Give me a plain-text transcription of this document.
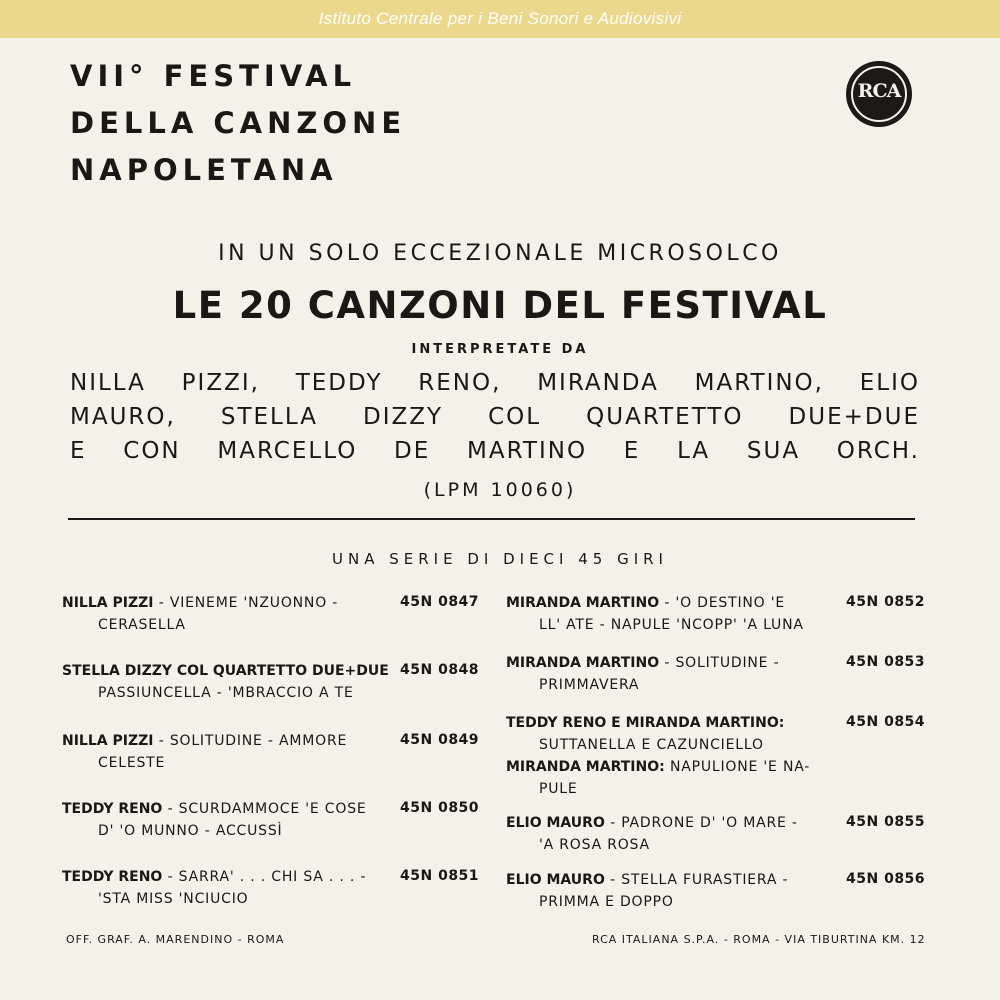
Istituto Centrale per i Beni Sonori e Audiovisivi
VII° FESTIVAL
DELLA CANZONE
NAPOLETANA
RCA
IN UN SOLO ECCEZIONALE MICROSOLCO
LE 20 CANZONI DEL FESTIVAL
INTERPRETATE DA
NILLA PIZZI, TEDDY RENO, MIRANDA MARTINO, ELIO
MAURO, STELLA DIZZY COL QUARTETTO DUE+DUE
E CON MARCELLO DE MARTINO E LA SUA ORCH.
(LPM 10060)
UNA SERIE DI DIECI 45 GIRI
NILLA PIZZI - VIENEME 'NZUONNO -
CERASELLA
45N 0847
STELLA DIZZY COL QUARTETTO DUE+DUE
PASSIUNCELLA - 'MBRACCIO A TE
45N 0848
NILLA PIZZI - SOLITUDINE - AMMORE
CELESTE
45N 0849
TEDDY RENO - SCURDAMMOCE 'E COSE
D' 'O MUNNO - ACCUSSÌ
45N 0850
TEDDY RENO - SARRA' . . . CHI SA . . . -
'STA MISS 'NCIUCIO
45N 0851
MIRANDA MARTINO - 'O DESTINO 'E
LL' ATE - NAPULE 'NCOPP' 'A LUNA
45N 0852
MIRANDA MARTINO - SOLITUDINE -
PRIMMAVERA
45N 0853
TEDDY RENO E MIRANDA MARTINO:
SUTTANELLA E CAZUNCIELLO
MIRANDA MARTINO: NAPULIONE 'E NA-
PULE
45N 0854
ELIO MAURO - PADRONE D' 'O MARE -
'A ROSA ROSA
45N 0855
ELIO MAURO - STELLA FURASTIERA -
PRIMMA E DOPPO
45N 0856
OFF. GRAF. A. MARENDINO - ROMA	RCA ITALIANA S.P.A. - ROMA - VIA TIBURTINA KM. 12
